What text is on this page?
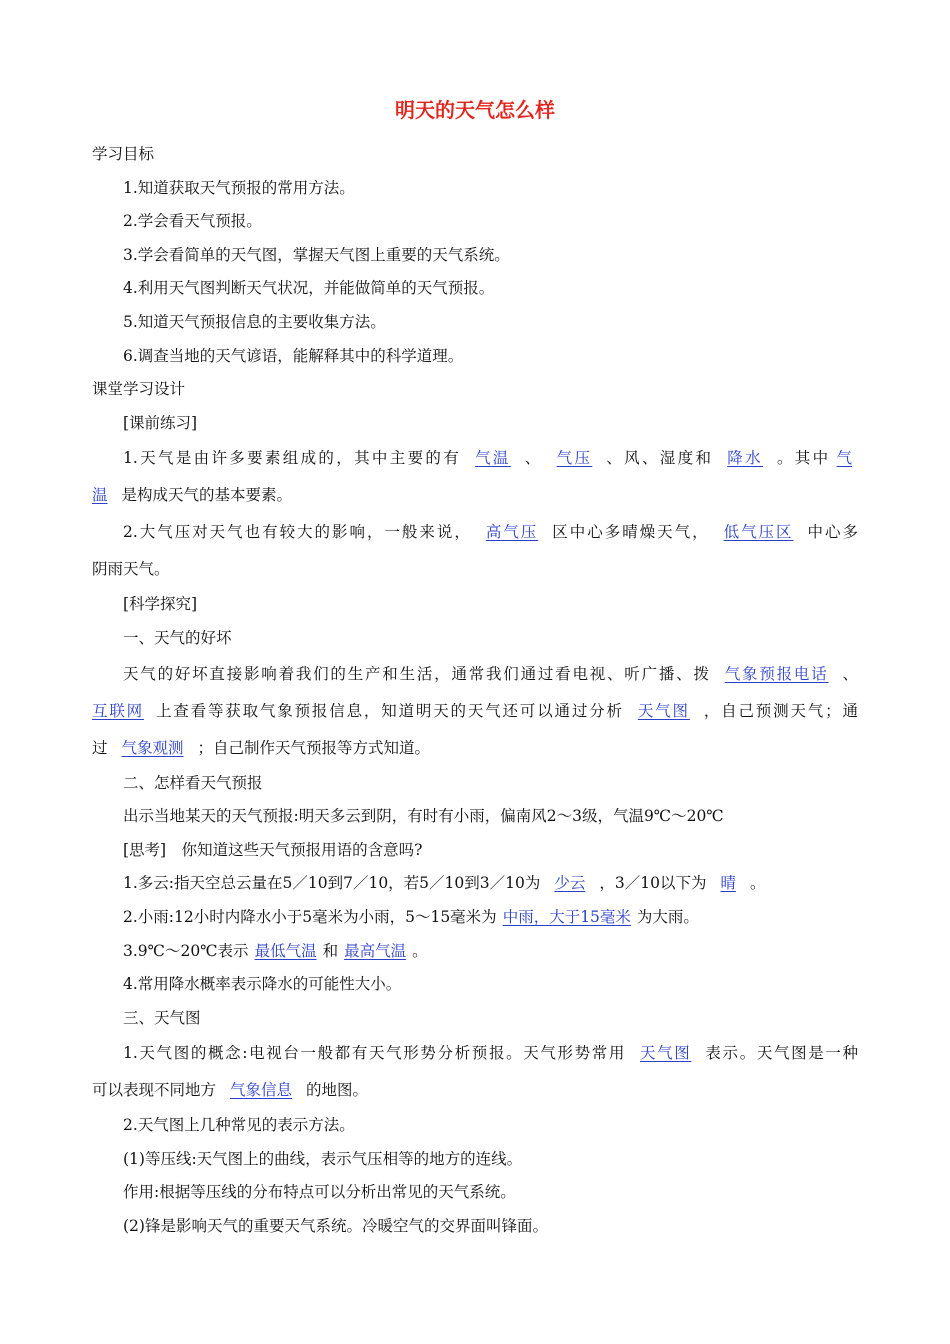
明天的天气怎么样
学习目标
1.知道获取天气预报的常用方法。
2.学会看天气预报。
3.学会看简单的天气图，掌握天气图上重要的天气系统。
4.利用天气图判断天气状况，并能做简单的天气预报。
5.知道天气预报信息的主要收集方法。
6.调查当地的天气谚语，能解释其中的科学道理。
课堂学习设计
[课前练习]
1.天气是由许多要素组成的，其中主要的有 气温 、 气压 、风、湿度和 降水 。其中 气
温 是构成天气的基本要素。
2.大气压对天气也有较大的影响，一般来说， 高气压 区中心多晴燥天气， 低气压区 中心多
阴雨天气。
[科学探究]
一、天气的好坏
天气的好坏直接影响着我们的生产和生活，通常我们通过看电视、听广播、拨 气象预报电话 、
互联网 上查看等获取气象预报信息，知道明天的天气还可以通过分析 天气图 ，自己预测天气；通
过 气象观测 ；自己制作天气预报等方式知道。
二、怎样看天气预报
出示当地某天的天气预报:明天多云到阴，有时有小雨，偏南风2～3级，气温9℃～20℃
[思考]　你知道这些天气预报用语的含意吗?
1.多云:指天空总云量在5／10到7／10，若5／10到3／10为 少云 ，3／10以下为 晴 。
2.小雨:12小时内降水小于5毫米为小雨，5～15毫米为 中雨，大于15毫米 为大雨。
3.9℃～20℃表示 最低气温 和 最高气温 。
4.常用降水概率表示降水的可能性大小。
三、天气图
1.天气图的概念:电视台一般都有天气形势分析预报。天气形势常用 天气图 表示。天气图是一种
可以表现不同地方 气象信息 的地图。
2.天气图上几种常见的表示方法。
(1)等压线:天气图上的曲线，表示气压相等的地方的连线。
作用:根据等压线的分布特点可以分析出常见的天气系统。
(2)锋是影响天气的重要天气系统。冷暖空气的交界面叫锋面。
